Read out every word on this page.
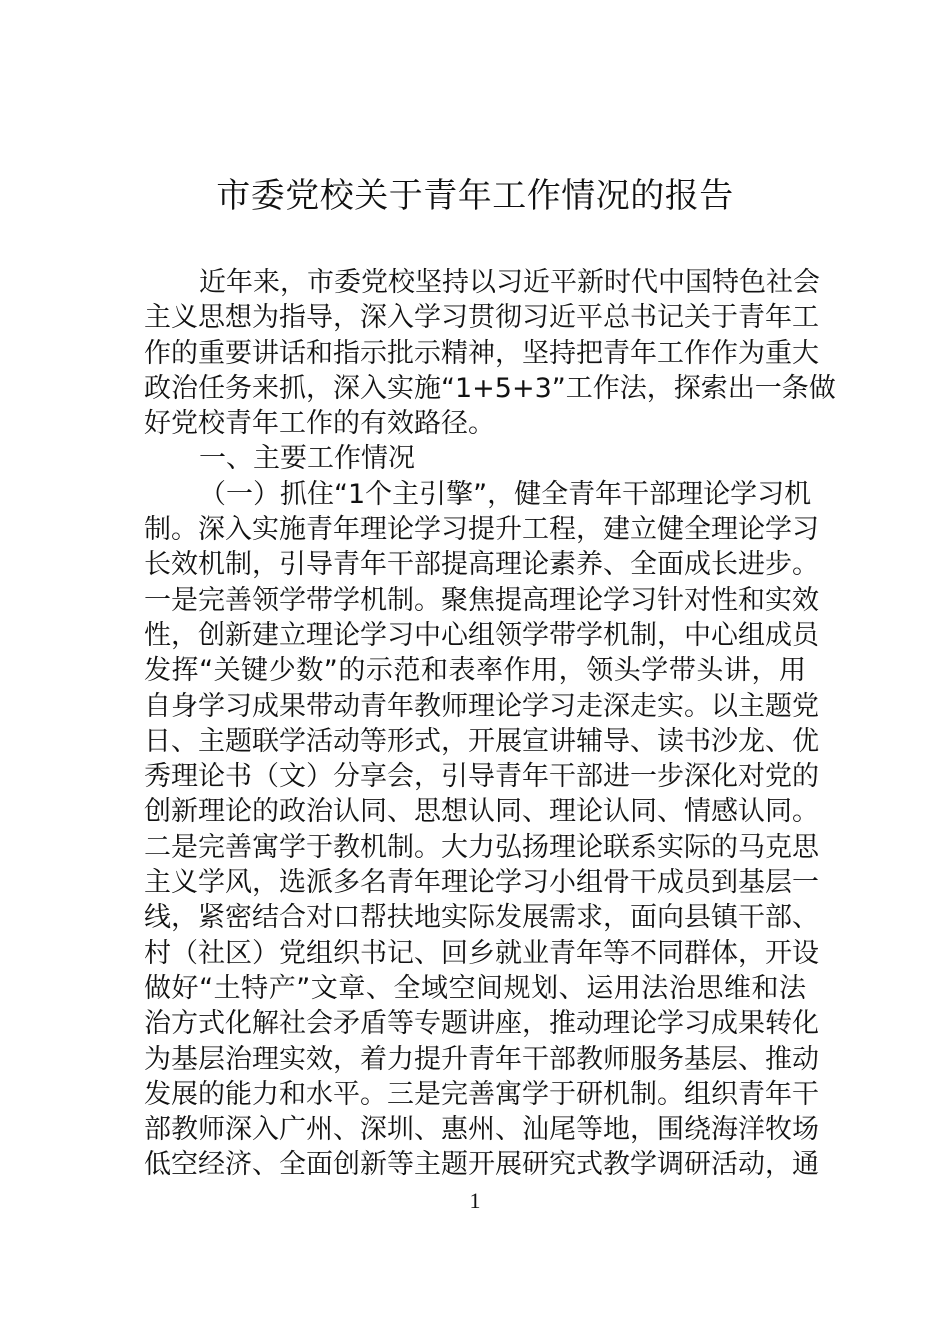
市委党校关于青年工作情况的报告
近年来，市委党校坚持以习近平新时代中国特色社会
主义思想为指导，深入学习贯彻习近平总书记关于青年工
作的重要讲话和指示批示精神，坚持把青年工作作为重大
政治任务来抓，深入实施“1+5+3”工作法，探索出一条做
好党校青年工作的有效路径。
一、主要工作情况
（一）抓住“1个主引擎”，健全青年干部理论学习机
制。深入实施青年理论学习提升工程，建立健全理论学习
长效机制，引导青年干部提高理论素养、全面成长进步。
一是完善领学带学机制。聚焦提高理论学习针对性和实效
性，创新建立理论学习中心组领学带学机制，中心组成员
发挥“关键少数”的示范和表率作用，领头学带头讲，用
自身学习成果带动青年教师理论学习走深走实。以主题党
日、主题联学活动等形式，开展宣讲辅导、读书沙龙、优
秀理论书（文）分享会，引导青年干部进一步深化对党的
创新理论的政治认同、思想认同、理论认同、情感认同。
二是完善寓学于教机制。大力弘扬理论联系实际的马克思
主义学风，选派多名青年理论学习小组骨干成员到基层一
线，紧密结合对口帮扶地实际发展需求，面向县镇干部、
村（社区）党组织书记、回乡就业青年等不同群体，开设
做好“土特产”文章、全域空间规划、运用法治思维和法
治方式化解社会矛盾等专题讲座，推动理论学习成果转化
为基层治理实效，着力提升青年干部教师服务基层、推动
发展的能力和水平。三是完善寓学于研机制。组织青年干
部教师深入广州、深圳、惠州、汕尾等地，围绕海洋牧场
低空经济、全面创新等主题开展研究式教学调研活动，通
1
